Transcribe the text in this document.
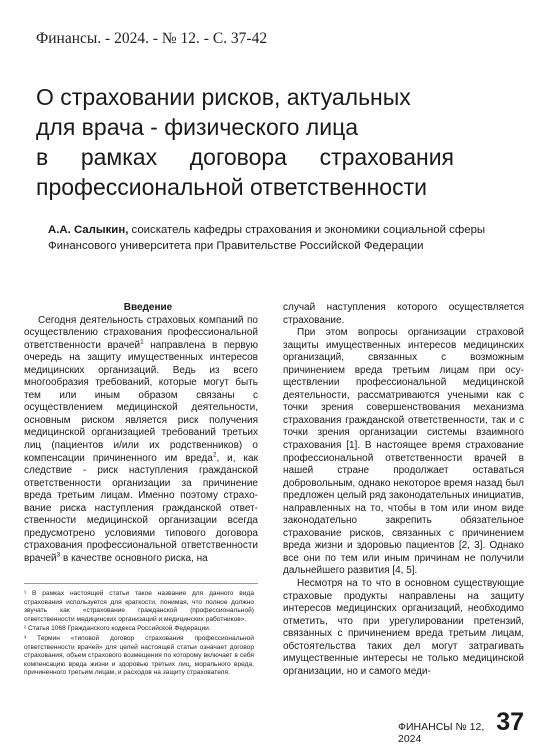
Финансы. - 2024. - № 12. - С. 37-42
О страховании рисков, актуальных
для врача - физического лица
в рамках договора страхования
профессиональной ответственности
А.А. Салыкин, соискатель кафедры страхования и экономики социальной сферы Финансового университета при Правительстве Российской Федерации

Введение

Сегодня деятельность страховых компаний по осуществлению страхования профессиональной ответственности врачей$^1$ направлена в первую очередь на защиту имущественных интересов медицинских организаций. Ведь из всего многообразия требований, которые могут быть тем или иным образом связаны с осуществлением медицинской деятельности, основным риском является риск получения медицинской организацией требований третьих лиц (пациентов и/или их родственников) о компенсации причиненного им вреда$^2$, и, как следствие - риск наступления гражданской ответственности организации за причинение вреда третьим лицам. Именно поэтому страхование риска наступления гражданской ответственности медицинской организации всегда предусмотрено условиями типового договора страхования профессиональной ответственности врачей$^3$ в качестве основного риска, на

¹ В рамках настоящей статьи такое название для данного вида страхования используется для краткости, понимая, что полное должно звучать как «страхование гражданской (профессиональной) ответственности медицинских организаций и медицинских работников».

² Статья 1068 Гражданского кодекса Российской Федерации.

³ Термин «типовой договор страхования профессиональной ответственности врачей» для целей настоящей статьи означает договор страхования, объем страхового возмещения по которому включает в себя компенсацию вреда жизни и здоровью третьих лиц, морального вреда, причиненного третьим лицам, и расходов на защиту страхователя.

случай наступления которого осуществляется страхование.

При этом вопросы организации страховой защиты имущественных интересов медицинских организаций, связанных с возможным причинением вреда третьим лицам при осуществлении профессиональной медицинской деятельности, рассматриваются учеными как с точки зрения совершенствования механизма страхования гражданской ответственности, так и с точки зрения организации системы взаимного страхования [1]. В настоящее время страхование профессиональной ответственности врачей в нашей стране продолжает оставаться добровольным, однако некоторое время назад был предложен целый ряд законодательных инициатив, направленных на то, чтобы в том или ином виде законодательно закрепить обязательное страхование рисков, связанных с причинением вреда жизни и здоровью пациентов [2, 3]. Однако все они по тем или иным причинам не получили дальнейшего развития [4, 5].

Несмотря на то что в основном существующие страховые продукты направлены на защиту интересов медицинских организаций, необходимо отметить, что при урегулировании претензий, связанных с причинением вреда третьим лицам, обстоятельства таких дел могут затрагивать имущественные интересы не только медицинской организации, но и самого меди-

ФИНАНСЫ № 12, 2024
37
